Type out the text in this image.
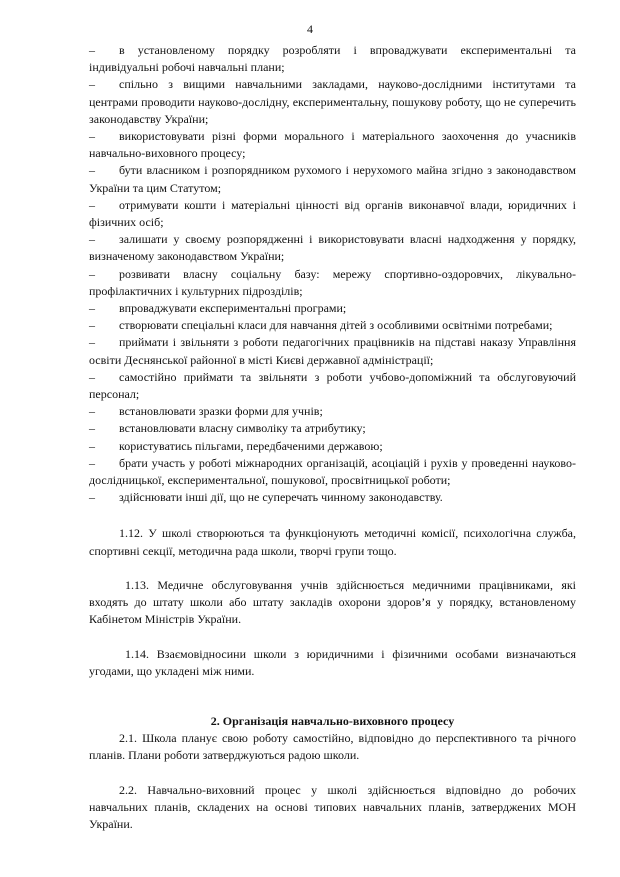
4

– в установленому порядку розробляти і впроваджувати експериментальні та індивідуальні робочі навчальні плани;

– спільно з вищими навчальними закладами, науково-дослідними інститутами та центрами проводити науково-дослідну, експериментальну, пошукову роботу, що не суперечить законодавству України;

– використовувати різні форми морального і матеріального заохочення до учасників навчально-виховного процесу;

– бути власником і розпорядником рухомого і нерухомого майна згідно з законодавством України та цим Статутом;

– отримувати кошти і матеріальні цінності від органів виконавчої влади, юридичних і фізичних осіб;

– залишати у своєму розпорядженні і використовувати власні надходження у порядку, визначеному законодавством України;

– розвивати власну соціальну базу: мережу спортивно-оздоровчих, лікувально-профілактичних і культурних підрозділів;

– впроваджувати експериментальні програми;

– створювати спеціальні класи для навчання дітей з особливими освітніми потребами;

– приймати і звільняти з роботи педагогічних працівників на підставі наказу Управління освіти Деснянської районної в місті Києві державної адміністрації;

– самостійно приймати та звільняти з роботи учбово-допоміжний та обслуговуючий персонал;

– встановлювати зразки форми для учнів;

– встановлювати власну символіку та атрибутику;

– користуватись пільгами, передбаченими державою;

– брати участь у роботі міжнародних організацій, асоціацій і рухів у проведенні науково-дослідницької, експериментальної, пошукової, просвітницької роботи;

– здійснювати інші дії, що не суперечать чинному законодавству.

1.12. У школі створюються та функціонують методичні комісії, психологічна служба, спортивні секції, методична рада школи, творчі групи тощо.

1.13. Медичне обслуговування учнів здійснюється медичними працівниками, які входять до штату школи або штату закладів охорони здоров’я у порядку, встановленому Кабінетом Міністрів України.

1.14. Взаємовідносини школи з юридичними і фізичними особами визначаються угодами, що укладені між ними.

2. Організація навчально-виховного процесу

2.1. Школа планує свою роботу самостійно, відповідно до перспективного та річного планів. Плани роботи затверджуються радою школи.

2.2. Навчально-виховний процес у школі здійснюється відповідно до робочих навчальних планів, складених на основі типових навчальних планів, затверджених МОН України.
